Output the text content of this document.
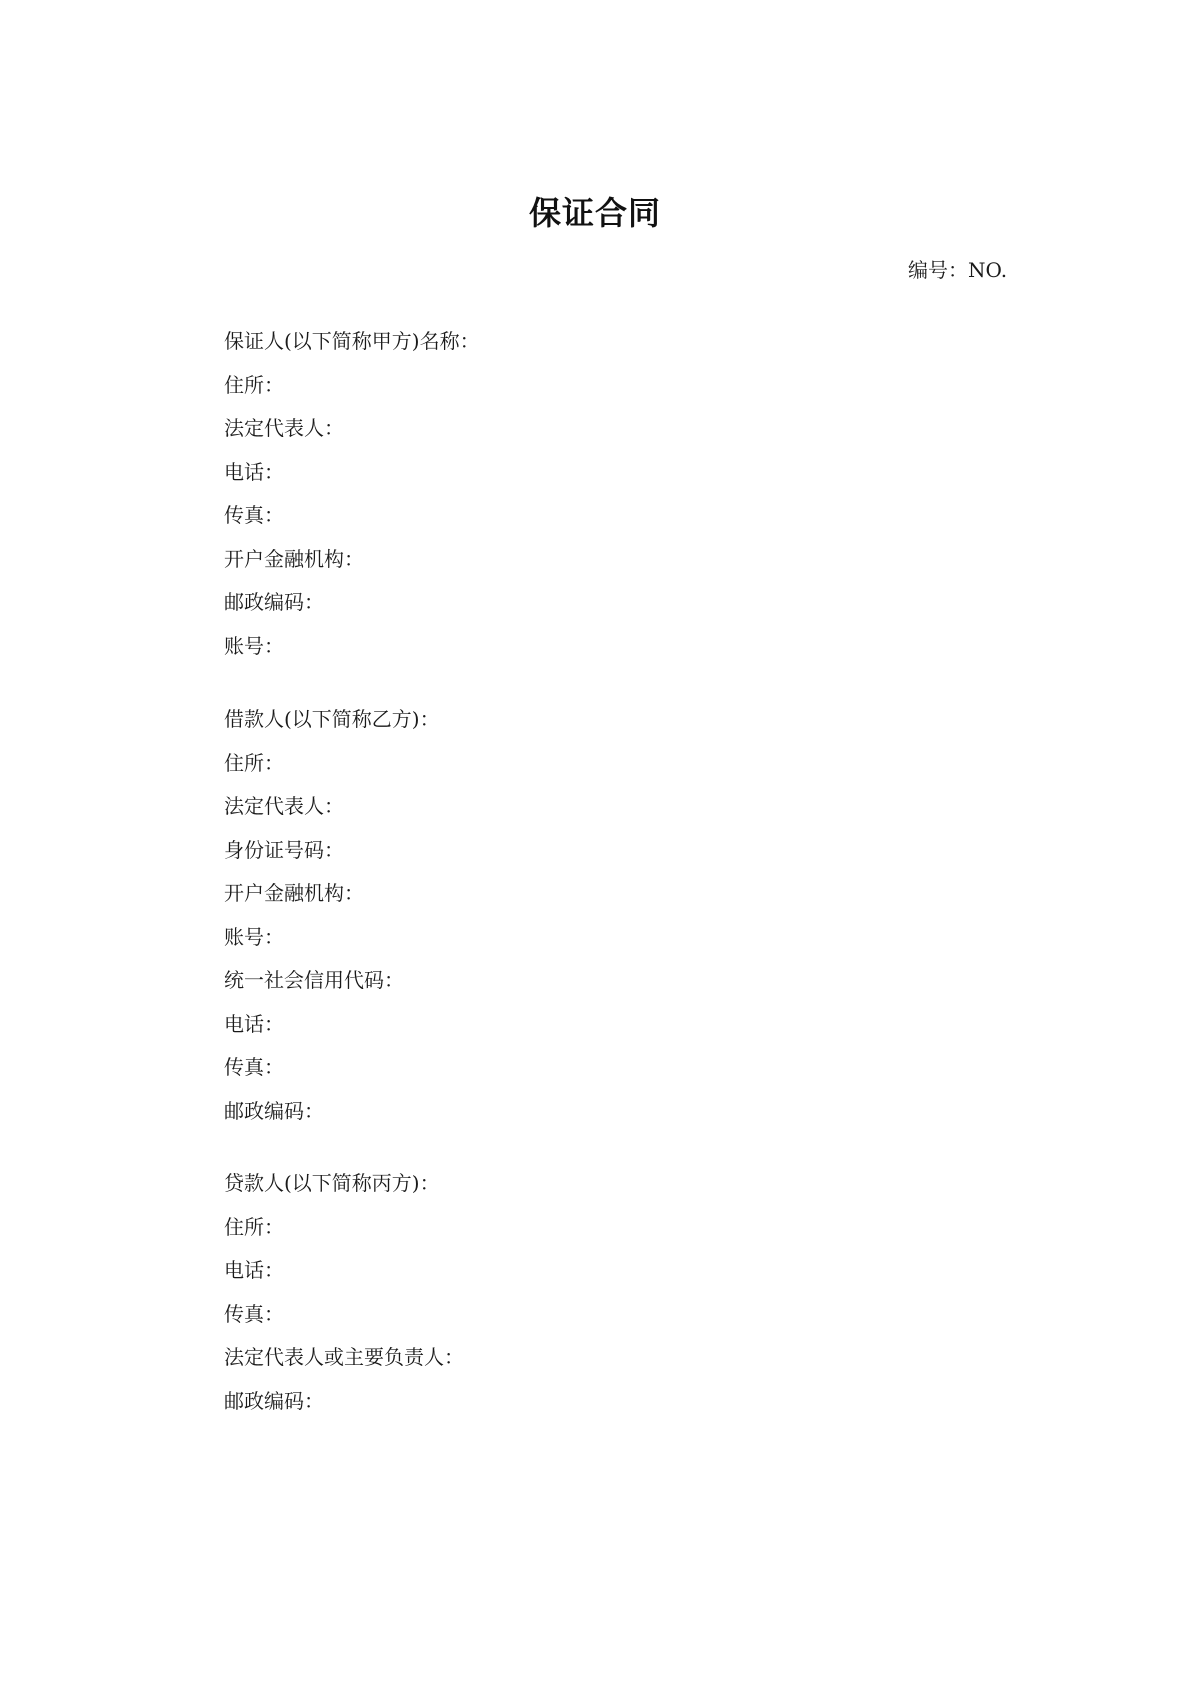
保证合同
编号：NO.
保证人(以下简称甲方)名称：
住所：
法定代表人：
电话：
传真：
开户金融机构：
邮政编码：
账号：
借款人(以下简称乙方)：
住所：
法定代表人：
身份证号码：
开户金融机构：
账号：
统一社会信用代码：
电话：
传真：
邮政编码：
贷款人(以下简称丙方)：
住所：
电话：
传真：
法定代表人或主要负责人：
邮政编码：
